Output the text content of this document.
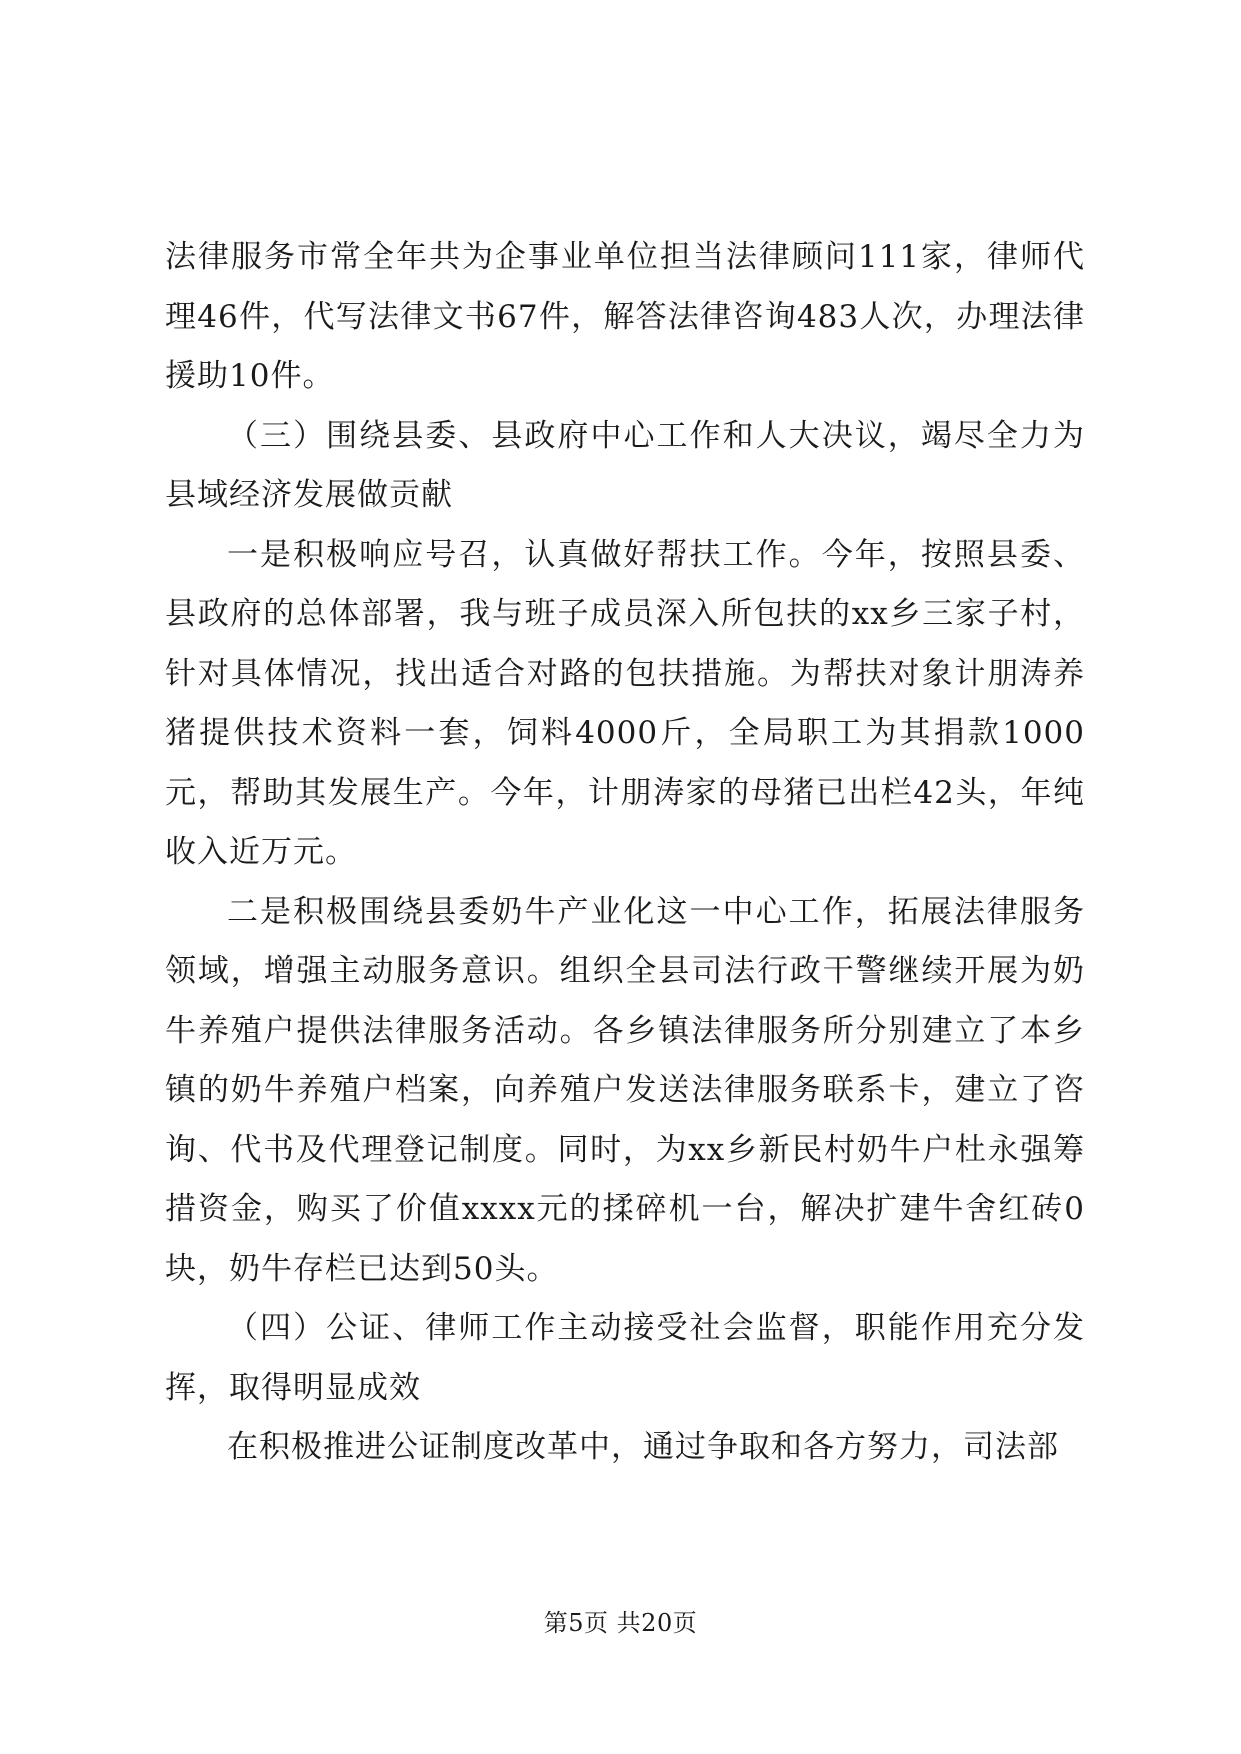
法律服务市常全年共为企事业单位担当法律顾问111家，律师代理46件，代写法律文书67件，解答法律咨询483人次，办理法律援助10件。

（三）围绕县委、县政府中心工作和人大决议，竭尽全力为县域经济发展做贡献

一是积极响应号召，认真做好帮扶工作。今年，按照县委、县政府的总体部署，我与班子成员深入所包扶的xx乡三家子村，针对具体情况，找出适合对路的包扶措施。为帮扶对象计朋涛养猪提供技术资料一套，饲料4000斤，全局职工为其捐款1000元，帮助其发展生产。今年，计朋涛家的母猪已出栏42头，年纯收入近万元。

二是积极围绕县委奶牛产业化这一中心工作，拓展法律服务领域，增强主动服务意识。组织全县司法行政干警继续开展为奶牛养殖户提供法律服务活动。各乡镇法律服务所分别建立了本乡镇的奶牛养殖户档案，向养殖户发送法律服务联系卡，建立了咨询、代书及代理登记制度。同时，为xx乡新民村奶牛户杜永强筹措资金，购买了价值xxxx元的揉碎机一台，解决扩建牛舍红砖0块，奶牛存栏已达到50头。

（四）公证、律师工作主动接受社会监督，职能作用充分发挥，取得明显成效

在积极推进公证制度改革中，通过争取和各方努力，司法部

第5页 共20页
